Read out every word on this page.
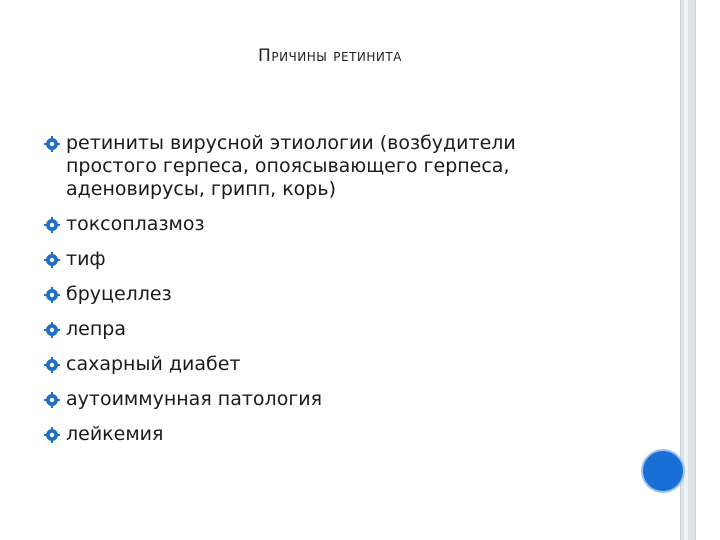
Причины ретинита
ретиниты вирусной этиологии (возбудители простого герпеса, опоясывающего герпеса, аденовирусы, грипп, корь)
токсоплазмоз
тиф
бруцеллез
лепра
сахарный диабет
аутоиммунная патология
лейкемия
